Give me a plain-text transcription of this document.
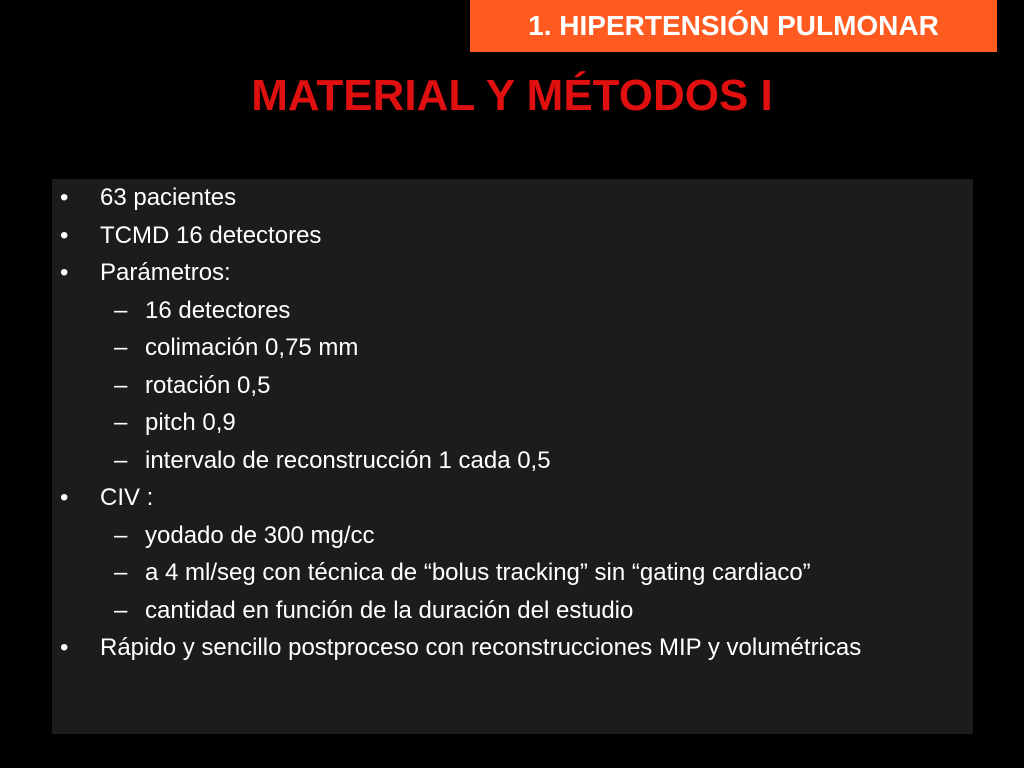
1. HIPERTENSIÓN PULMONAR
MATERIAL Y MÉTODOS I
• 63 pacientes
• TCMD 16 detectores
• Parámetros:
– 16 detectores
– colimación 0,75 mm
– rotación 0,5
– pitch 0,9
– intervalo de reconstrucción 1 cada 0,5
• CIV :
– yodado de 300 mg/cc
– a 4 ml/seg con técnica de “bolus tracking” sin “gating cardiaco”
– cantidad en función de la duración del estudio
• Rápido y sencillo postproceso con reconstrucciones MIP y volumétricas
